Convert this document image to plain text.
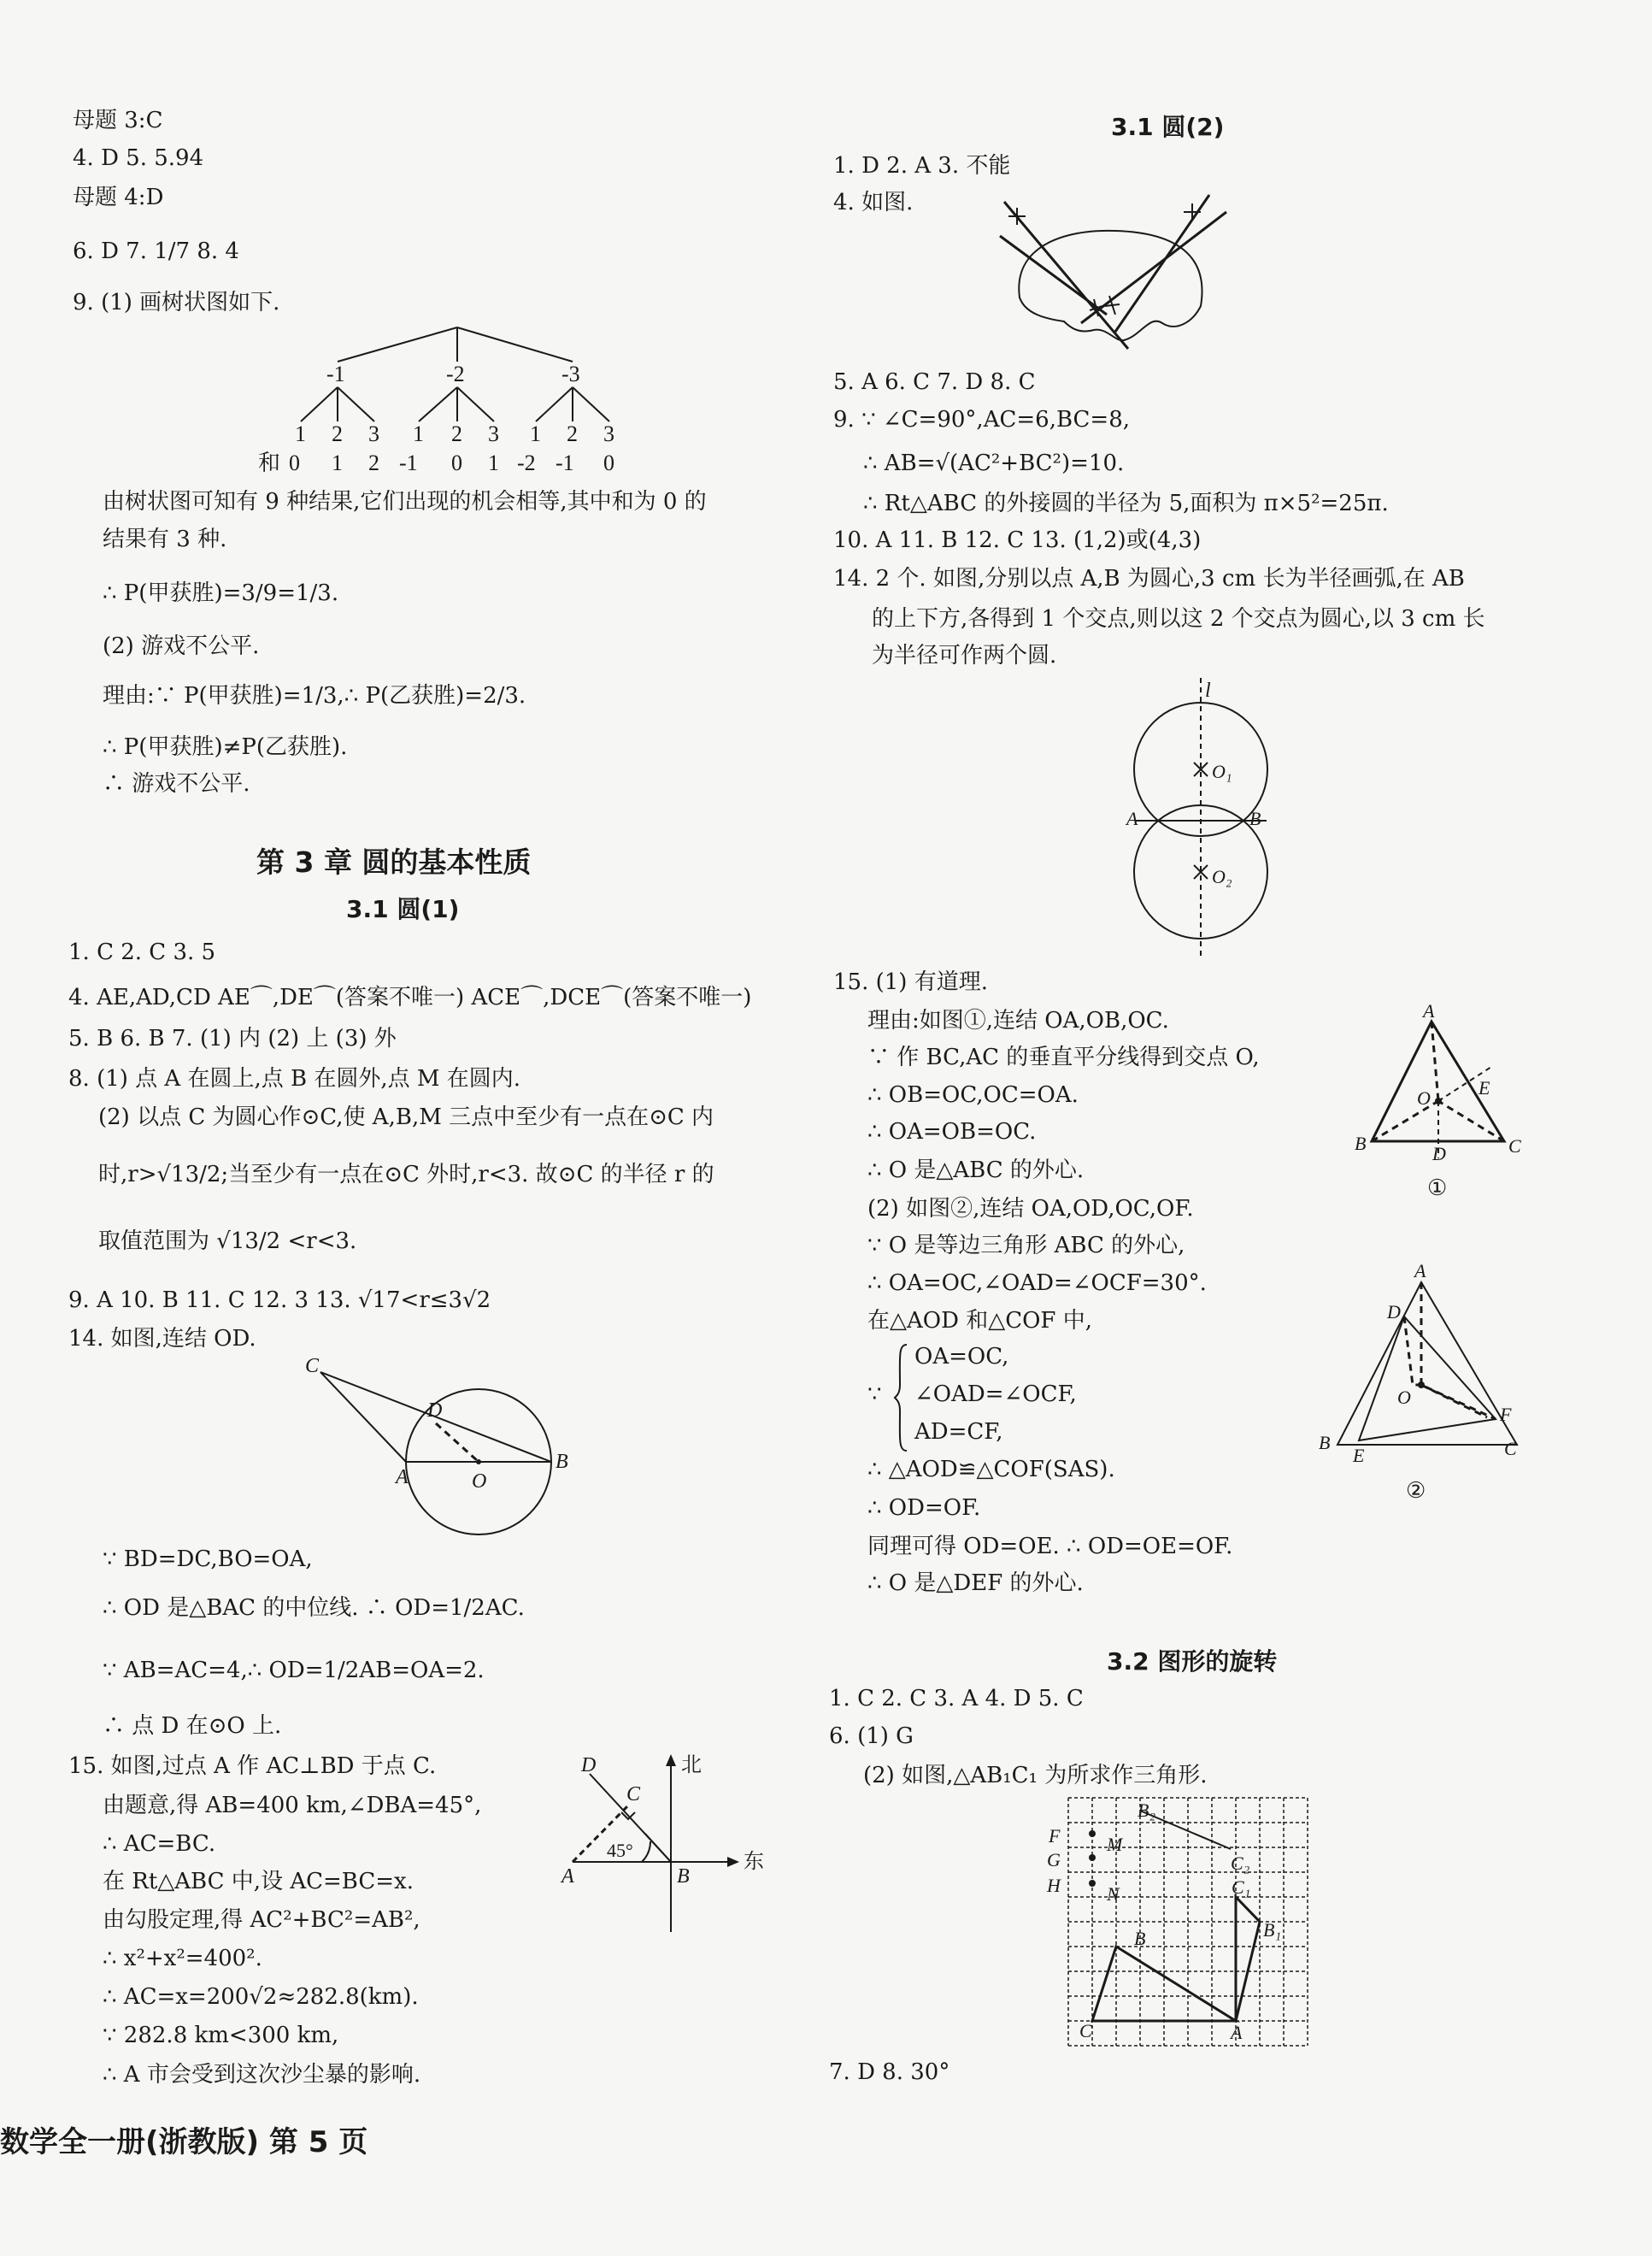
母题 3:C
4. D 5. 5.94
母题 4:D
6. D 7. 1/7 8. 4
9. (1) 画树状图如下.
-1	-2	-3
1 2 3 1 2 3 1 2 3
和 0 1 2 -1 0 1 -2 -1 0
由树状图可知有 9 种结果,它们出现的机会相等,其中和为 0 的
结果有 3 种.
∴ P(甲获胜)=3/9=1/3.
(2) 游戏不公平.
理由:∵ P(甲获胜)=1/3,∴ P(乙获胜)=2/3.
∴ P(甲获胜)≠P(乙获胜).
∴ 游戏不公平.
第 3 章 圆的基本性质
3.1 圆(1)
1. C 2. C 3. 5
4. AE,AD,CD AE⌒,DE⌒(答案不唯一) ACE⌒,DCE⌒(答案不唯一)
5. B 6. B 7. (1) 内 (2) 上 (3) 外
8. (1) 点 A 在圆上,点 B 在圆外,点 M 在圆内.
(2) 以点 C 为圆心作⊙C,使 A,B,M 三点中至少有一点在⊙C 内
时,r>√13/2;当至少有一点在⊙C 外时,r<3. 故⊙C 的半径 r 的
取值范围为 √13/2 <r<3.
9. A 10. B 11. C 12. 3 13. √17<r≤3√2
14. 如图,连结 OD.
C
D
A	O
B
∵ BD=DC,BO=OA,
∴ OD 是△BAC 的中位线. ∴ OD=1/2AC.
∵ AB=AC=4,∴ OD=1/2AB=OA=2.
∴ 点 D 在⊙O 上.
15. 如图,过点 A 作 AC⊥BD 于点 C.
由题意,得 AB=400 km,∠DBA=45°,
∴ AC=BC.
在 Rt△ABC 中,设 AC=BC=x.
由勾股定理,得 AC²+BC²=AB²,
∴ x²+x²=400².
∴ AC=x=200√2≈282.8(km).
∵ 282.8 km<300 km,
∴ A 市会受到这次沙尘暴的影响.
D
C
北
45°
东
A	B
3.1 圆(2)
1. D 2. A 3. 不能
4. 如图.
5. A 6. C 7. D 8. C
9. ∵ ∠C=90°,AC=6,BC=8,
∴ AB=√(AC²+BC²)=10.
∴ Rt△ABC 的外接圆的半径为 5,面积为 π×5²=25π.
10. A 11. B 12. C 13. (1,2)或(4,3)
14. 2 个. 如图,分别以点 A,B 为圆心,3 cm 长为半径画弧,在 AB
的上下方,各得到 1 个交点,则以这 2 个交点为圆心,以 3 cm 长
为半径可作两个圆.
l
O₁
O₂
A	B
15. (1) 有道理.
理由:如图①,连结 OA,OB,OC.
∵ 作 BC,AC 的垂直平分线得到交点 O,
∴ OB=OC,OC=OA.
∴ OA=OB=OC.
∴ O 是△ABC 的外心.
(2) 如图②,连结 OA,OD,OC,OF.
∵ O 是等边三角形 ABC 的外心,
∴ OA=OC,∠OAD=∠OCF=30°.
在△AOD 和△COF 中,
∵
OA=OC,
∠OAD=∠OCF,
AD=CF,
∴ △AOD≌△COF(SAS).
∴ OD=OF.
同理可得 OD=OE. ∴ OD=OE=OF.
∴ O 是△DEF 的外心.
A
O	E
B	D	C
①
A
D
O
F
B
E	C
②
3.2 图形的旋转
1. C 2. C 3. A 4. D 5. C
6. (1) G
(2) 如图,△AB₁C₁ 为所求作三角形.
F
G
H
M
N
B₂
C₂
C₁
B₁
B
C	A
7. D 8. 30°
数学全一册(浙教版) 第 5 页
